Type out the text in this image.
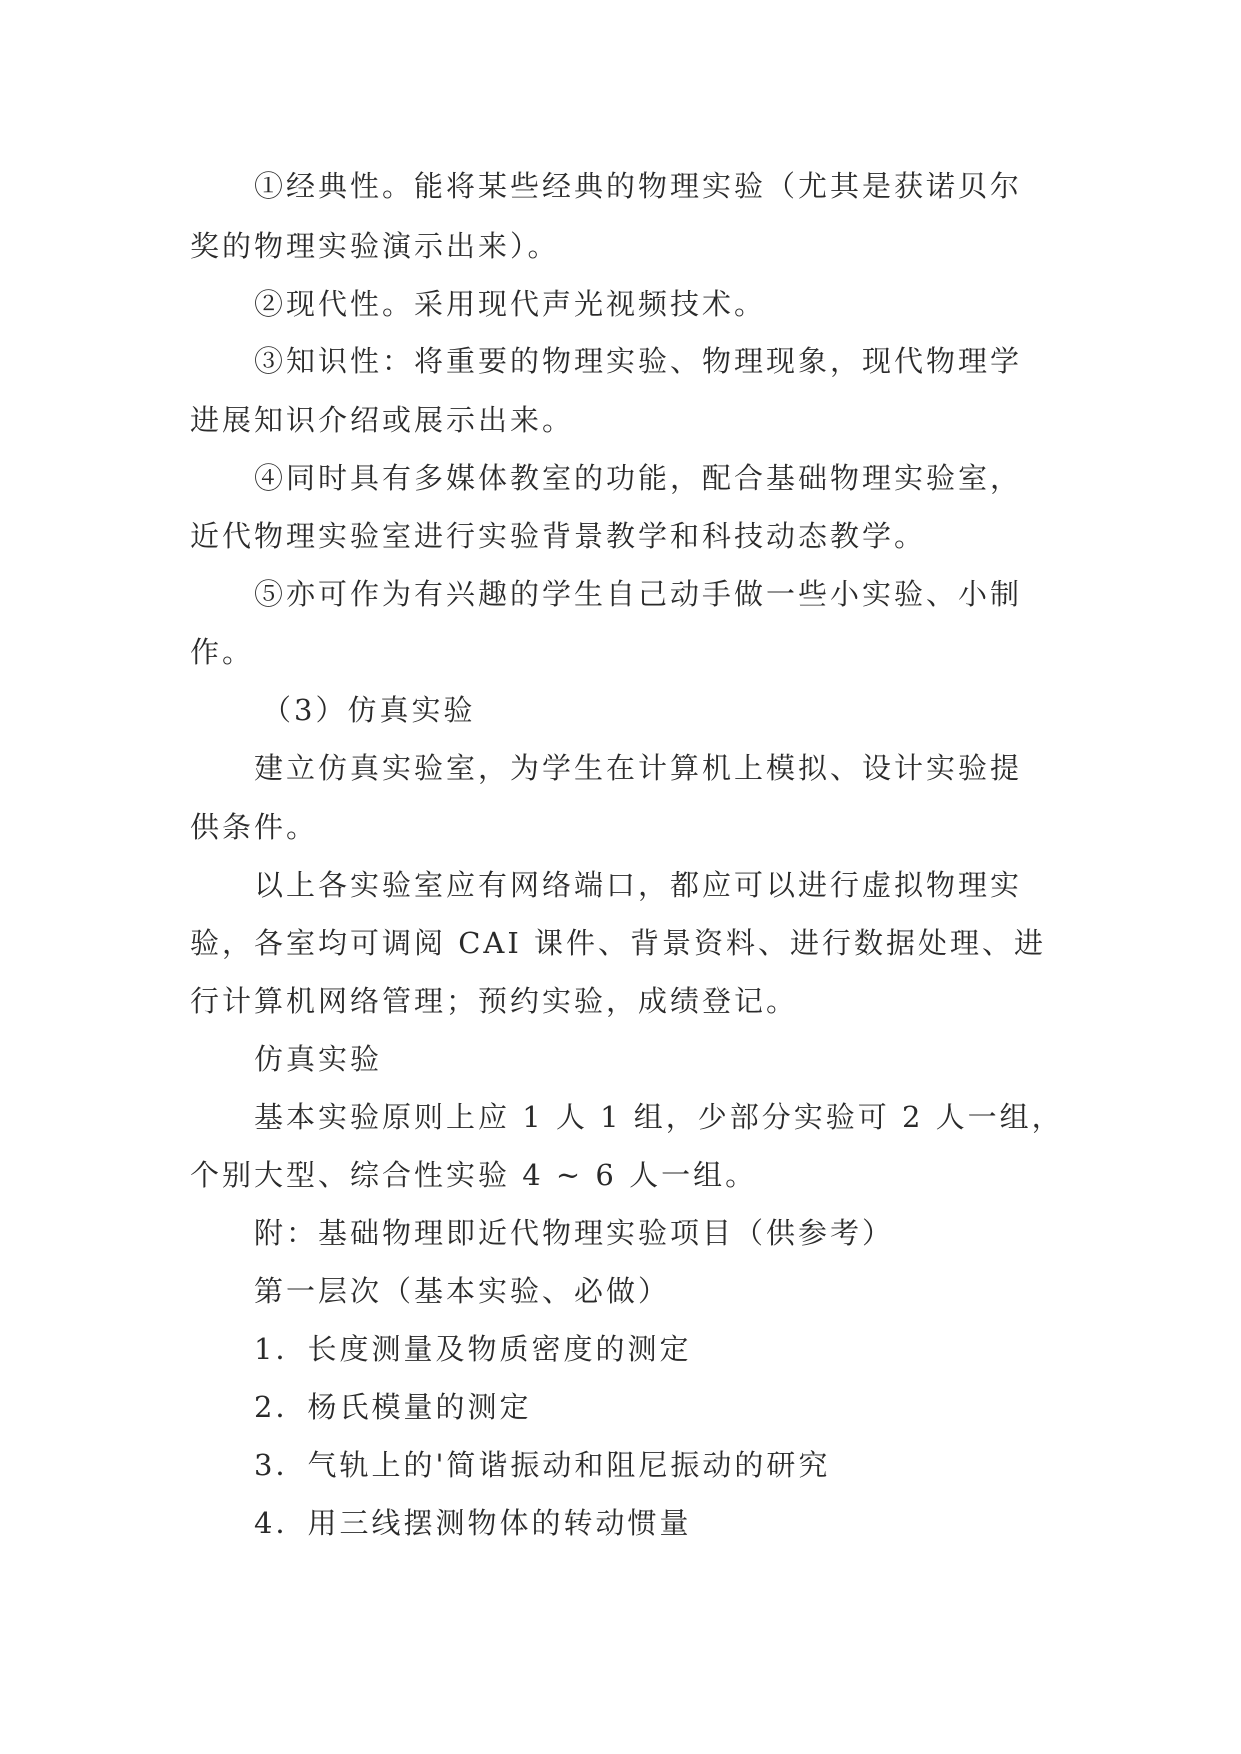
①经典性。能将某些经典的物理实验（尤其是获诺贝尔
奖的物理实验演示出来）。
②现代性。采用现代声光视频技术。
③知识性：将重要的物理实验、物理现象，现代物理学
进展知识介绍或展示出来。
④同时具有多媒体教室的功能，配合基础物理实验室，
近代物理实验室进行实验背景教学和科技动态教学。
⑤亦可作为有兴趣的学生自己动手做一些小实验、小制
作。
（3）仿真实验
建立仿真实验室，为学生在计算机上模拟、设计实验提
供条件。
以上各实验室应有网络端口，都应可以进行虚拟物理实
验，各室均可调阅 CAI 课件、背景资料、进行数据处理、进
行计算机网络管理；预约实验，成绩登记。
仿真实验
基本实验原则上应 1 人 1 组，少部分实验可 2 人一组，
个别大型、综合性实验 4 ~ 6 人一组。
附：基础物理即近代物理实验项目（供参考）
第一层次（基本实验、必做）
1．长度测量及物质密度的测定
2．杨氏模量的测定
3．气轨上的'简谐振动和阻尼振动的研究
4．用三线摆测物体的转动惯量
